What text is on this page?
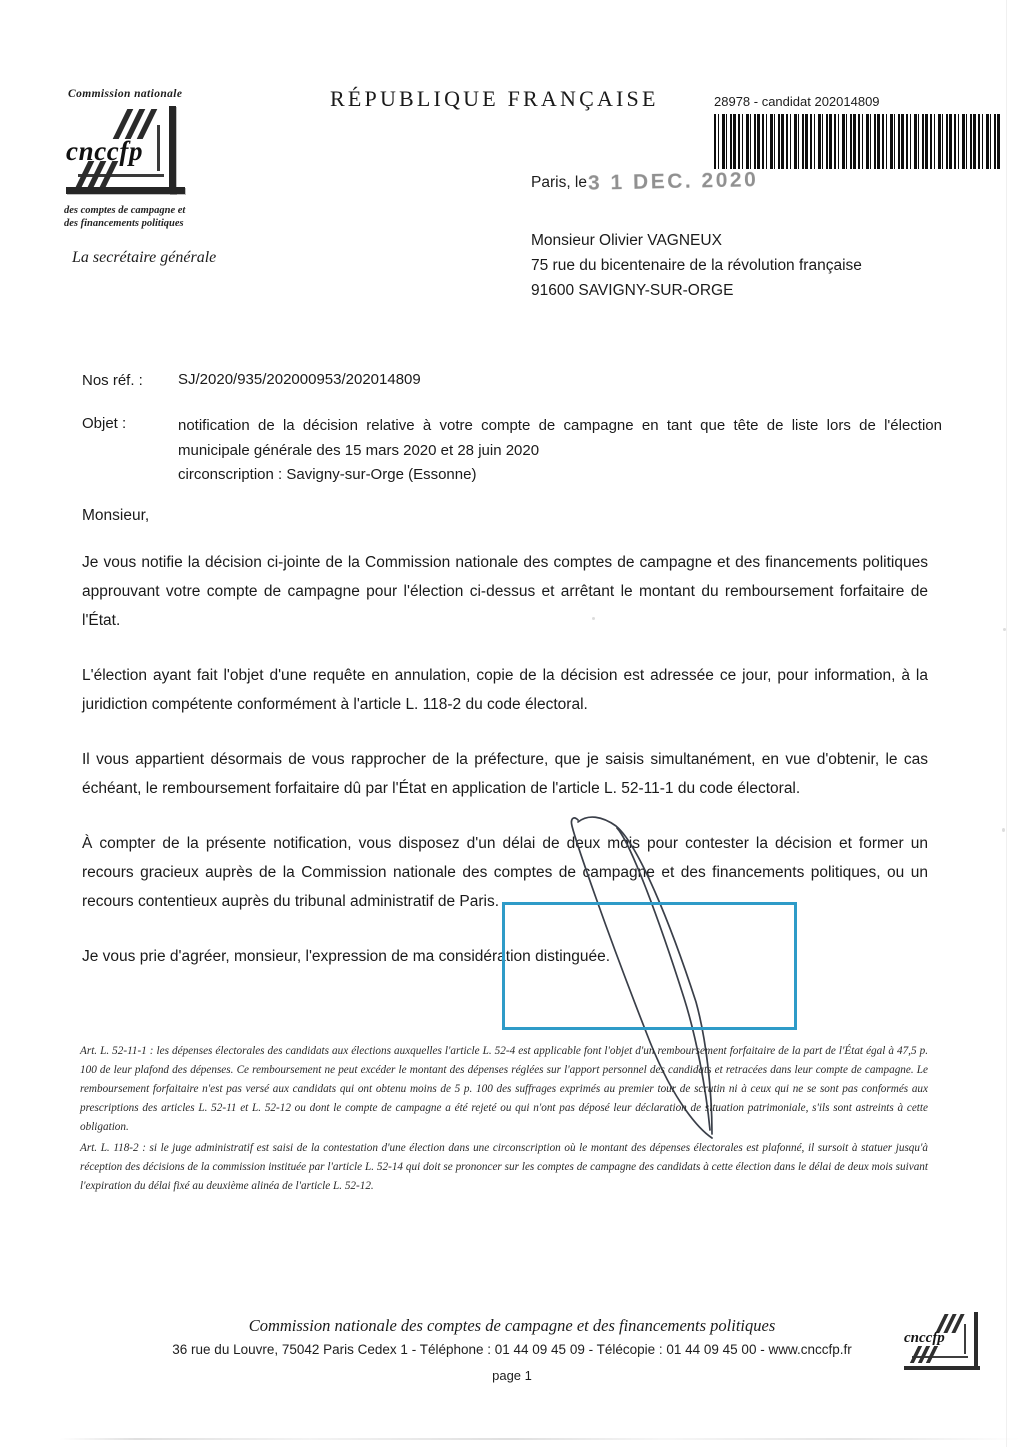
Commission nationale
cnccfp
des comptes de campagne et
des financements politiques
La secrétaire générale
RÉPUBLIQUE FRANÇAISE	28978 - candidat 202014809
Paris, le 3 1 DEC. 2020
Monsieur Olivier VAGNEUX
75 rue du bicentenaire de la révolution française
91600 SAVIGNY-SUR-ORGE
Nos réf. :	SJ/2020/935/202000953/202014809
Objet :	notification de la décision relative à votre compte de campagne en tant que tête de liste lors de l'élection municipale générale des 15 mars 2020 et 28 juin 2020

circonscription : Savigny-sur-Orge (Essonne)

Monsieur,

Je vous notifie la décision ci-jointe de la Commission nationale des comptes de campagne et des financements politiques approuvant votre compte de campagne pour l'élection ci-dessus et arrêtant le montant du remboursement forfaitaire de l'État.

L'élection ayant fait l'objet d'une requête en annulation, copie de la décision est adressée ce jour, pour information, à la juridiction compétente conformément à l'article L. 118-2 du code électoral.

Il vous appartient désormais de vous rapprocher de la préfecture, que je saisis simultanément, en vue d'obtenir, le cas échéant, le remboursement forfaitaire dû par l'État en application de l'article L. 52-11-1 du code électoral.

À compter de la présente notification, vous disposez d'un délai de deux mois pour contester la décision et former un recours gracieux auprès de la Commission nationale des comptes de campagne et des financements politiques, ou un recours contentieux auprès du tribunal administratif de Paris.

Je vous prie d'agréer, monsieur, l'expression de ma considération distinguée.

Art. L. 52-11-1 : les dépenses électorales des candidats aux élections auxquelles l'article L. 52-4 est applicable font l'objet d'un remboursement forfaitaire de la part de l'État égal à 47,5 p. 100 de leur plafond des dépenses. Ce remboursement ne peut excéder le montant des dépenses réglées sur l'apport personnel des candidats et retracées dans leur compte de campagne. Le remboursement forfaitaire n'est pas versé aux candidats qui ont obtenu moins de 5 p. 100 des suffrages exprimés au premier tour de scrutin ni à ceux qui ne se sont pas conformés aux prescriptions des articles L. 52-11 et L. 52-12 ou dont le compte de campagne a été rejeté ou qui n'ont pas déposé leur déclaration de situation patrimoniale, s'ils sont astreints à cette obligation.

Art. L. 118-2 : si le juge administratif est saisi de la contestation d'une élection dans une circonscription où le montant des dépenses électorales est plafonné, il sursoit à statuer jusqu'à réception des décisions de la commission instituée par l'article L. 52-14 qui doit se prononcer sur les comptes de campagne des candidats à cette élection dans le délai de deux mois suivant l'expiration du délai fixé au deuxième alinéa de l'article L. 52-12.

Commission nationale des comptes de campagne et des financements politiques
36 rue du Louvre, 75042 Paris Cedex 1 - Téléphone : 01 44 09 45 09 - Télécopie : 01 44 09 45 00 - www.cnccfp.fr
page 1
cnccfp
